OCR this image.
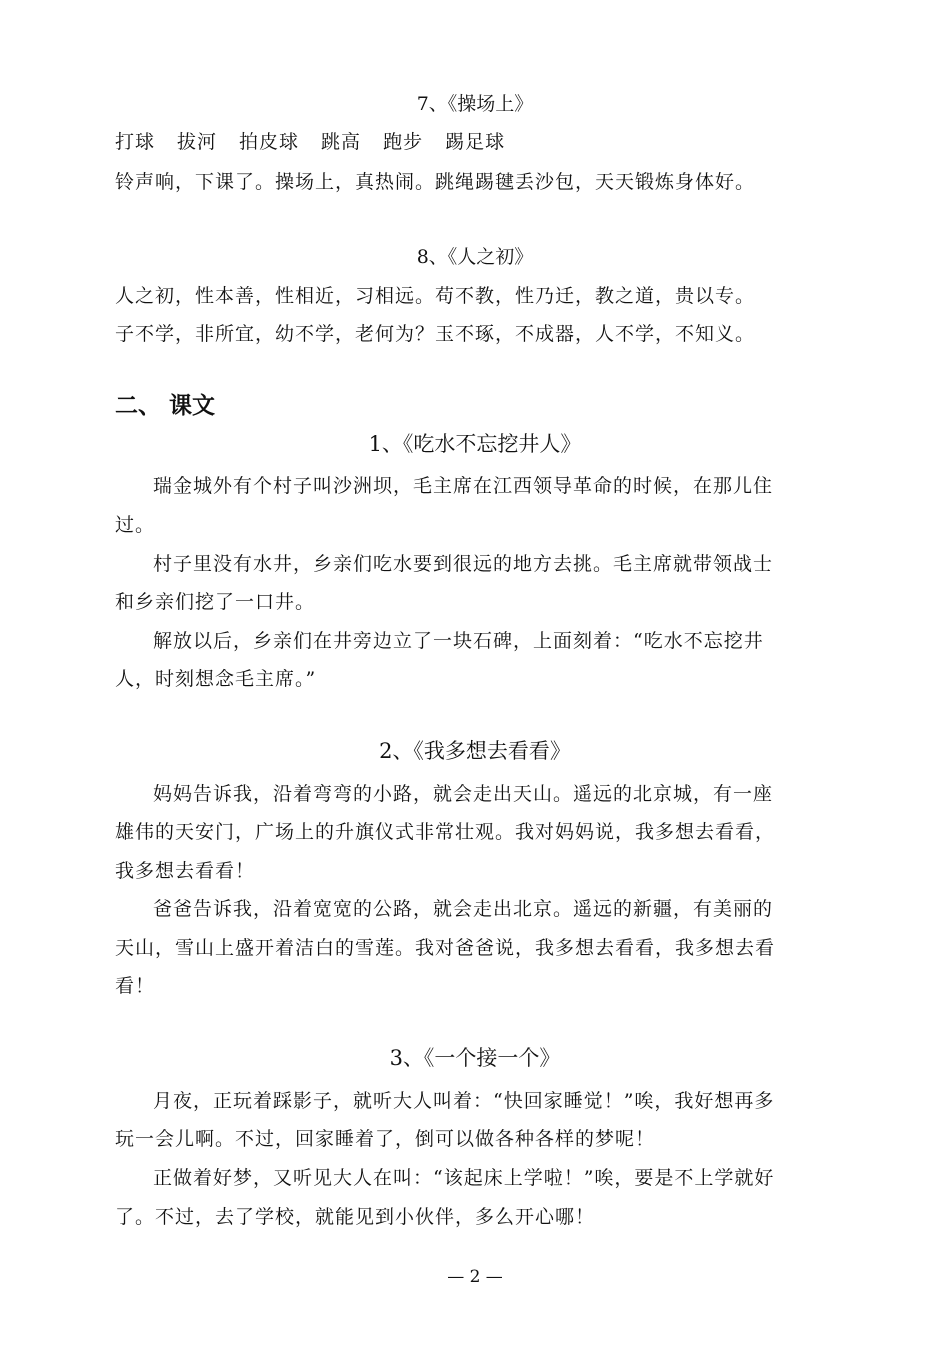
7、《操场上》
打球 拔河 拍皮球 跳高 跑步 踢足球
铃声响，下课了。操场上，真热闹。跳绳踢毽丢沙包，天天锻炼身体好。
8、《人之初》
人之初，性本善，性相近，习相远。苟不教，性乃迁，教之道，贵以专。
子不学，非所宜，幼不学，老何为？玉不琢，不成器，人不学，不知义。
二、 课文
1、《吃水不忘挖井人》
瑞金城外有个村子叫沙洲坝，毛主席在江西领导革命的时候，在那儿住
过。
村子里没有水井，乡亲们吃水要到很远的地方去挑。毛主席就带领战士
和乡亲们挖了一口井。
解放以后，乡亲们在井旁边立了一块石碑，上面刻着：“吃水不忘挖井
人，时刻想念毛主席。”
2、《我多想去看看》
妈妈告诉我，沿着弯弯的小路，就会走出天山。遥远的北京城，有一座
雄伟的天安门，广场上的升旗仪式非常壮观。我对妈妈说，我多想去看看，
我多想去看看！
爸爸告诉我，沿着宽宽的公路，就会走出北京。遥远的新疆，有美丽的
天山，雪山上盛开着洁白的雪莲。我对爸爸说，我多想去看看，我多想去看
看！
3、《一个接一个》
月夜，正玩着踩影子，就听大人叫着：“快回家睡觉！”唉，我好想再多
玩一会儿啊。不过，回家睡着了，倒可以做各种各样的梦呢！
正做着好梦，又听见大人在叫：“该起床上学啦！”唉，要是不上学就好
了。不过，去了学校，就能见到小伙伴，多么开心哪！
— 2 —
